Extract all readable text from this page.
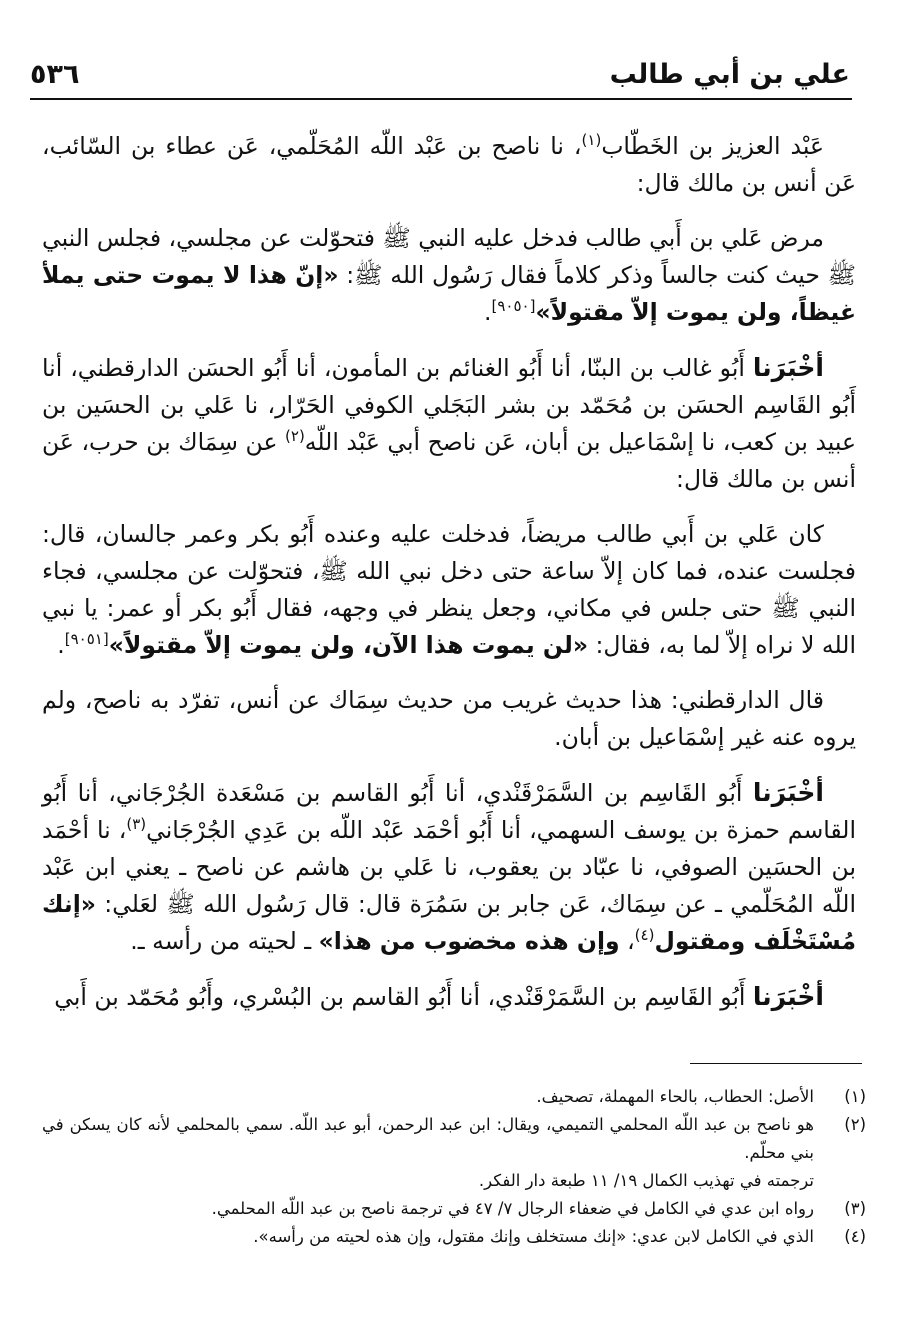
علي بن أبي طالب
٥٣٦

عَبْد العزيز بن الخَطّاب$^{(١)}$، نا ناصح بن عَبْد اللّه المُحَلّمي، عَن عطاء بن السّائب، عَن أنس بن مالك قال:

مرض عَلي بن أَبي طالب فدخل عليه النبي ﷺ فتحوّلت عن مجلسي، فجلس النبي ﷺ حيث كنت جالساً وذكر كلاماً فقال رَسُول الله ﷺ: «إنّ هذا لا يموت حتى يملأ غيظاً، ولن يموت إلاّ مقتولاً»[٩٠٥٠].

أخْبَرَنا أَبُو غالب بن البنّا، أنا أَبُو الغنائم بن المأمون، أنا أَبُو الحسَن الدارقطني، أنا أَبُو القَاسِم الحسَن بن مُحَمّد بن بشر البَجَلي الكوفي الحَرّار، نا عَلي بن الحسَين بن عبيد بن كعب، نا إسْمَاعيل بن أبان، عَن ناصح أبي عَبْد اللّه$^{(٢)}$ عن سِمَاك بن حرب، عَن أنس بن مالك قال:

كان عَلي بن أَبي طالب مريضاً، فدخلت عليه وعنده أَبُو بكر وعمر جالسان، قال: فجلست عنده، فما كان إلاّ ساعة حتى دخل نبي الله ﷺ، فتحوّلت عن مجلسي، فجاء النبي ﷺ حتى جلس في مكاني، وجعل ينظر في وجهه، فقال أَبُو بكر أو عمر: يا نبي الله لا نراه إلاّ لما به، فقال: «لن يموت هذا الآن، ولن يموت إلاّ مقتولاً»[٩٠٥١].

قال الدارقطني: هذا حديث غريب من حديث سِمَاك عن أنس، تفرّد به ناصح، ولم يروه عنه غير إسْمَاعيل بن أبان.

أخْبَرَنا أَبُو القَاسِم بن السَّمَرْقَنْدي، أنا أَبُو القاسم بن مَسْعَدة الجُرْجَاني، أنا أَبُو القاسم حمزة بن يوسف السهمي، أنا أَبُو أحْمَد عَبْد اللّه بن عَدِي الجُرْجَاني$^{(٣)}$، نا أحْمَد بن الحسَين الصوفي، نا عبّاد بن يعقوب، نا عَلي بن هاشم عن ناصح ـ يعني ابن عَبْد اللّه المُحَلّمي ـ عن سِمَاك، عَن جابر بن سَمُرَة قال: قال رَسُول الله ﷺ لعَلي: «إنك مُسْتَخْلَف ومقتول$^{(٤)}$، وإن هذه مخضوب من هذا» ـ لحيته من رأسه ـ.

أخْبَرَنا أَبُو القَاسِم بن السَّمَرْقَنْدي، أنا أَبُو القاسم بن البُسْري، وأَبُو مُحَمّد بن أَبي

(١)
الأصل: الحطاب، بالحاء المهملة، تصحيف.

(٢)
هو ناصح بن عبد اللّه المحلمي التميمي، ويقال: ابن عبد الرحمن، أبو عبد اللّه. سمي بالمحلمي لأنه كان يسكن في بني محلّم.
ترجمته في تهذيب الكمال ١٩/ ١١ طبعة دار الفكر.

(٣)
رواه ابن عدي في الكامل في ضعفاء الرجال ٧/ ٤٧ في ترجمة ناصح بن عبد اللّه المحلمي.

(٤)
الذي في الكامل لابن عدي: «إنك مستخلف وإنك مقتول، وإن هذه لحيته من رأسه».
